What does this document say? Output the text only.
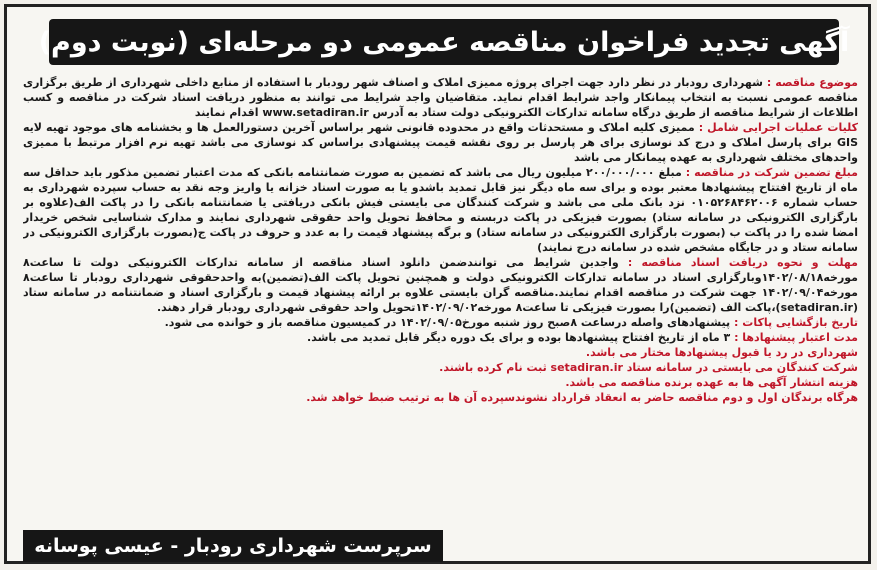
آگهی تجدید فراخوان مناقصه عمومی دو مرحله‌ای (نوبت دوم)

موضوع مناقصه : شهرداری رودبار در نظر دارد جهت اجرای پروژه ممیزی املاک و اصناف شهر رودبار با استفاده از منابع داخلی شهرداری از طریق برگزاری مناقصه عمومی نسبت به انتخاب پیمانکار واجد شرایط اقدام نماید. متقاضیان واجد شرایط می توانند به منظور دریافت اسناد شرکت در مناقصه و کسب اطلاعات از شرایط مناقصه از طریق درگاه سامانه تدارکات الکترونیکی دولت ستاد به آدرس www.setadiran.ir اقدام نمایند

کلیات عملیات اجرایی شامل : ممیزی کلیه املاک و مستحدثات واقع در محدوده قانونی شهر براساس آخرین دستورالعمل ها و بخشنامه های موجود تهیه لایه GIS برای پارسل املاک و درج کد نوسازی برای هر پارسل بر روی نقشه قیمت پیشنهادی براساس کد نوسازی می باشد تهیه نرم افزار مرتبط با ممیزی واحدهای مختلف شهرداری به عهده پیمانکار می باشد

مبلغ تضمین شرکت در مناقصه : مبلغ ۲۰۰/۰۰۰/۰۰۰ میلیون ریال می باشد که تضمین به صورت ضمانتنامه بانکی که مدت اعتبار تضمین مذکور باید حداقل سه ماه از تاریخ افتتاح پیشنهادها معتبر بوده و برای سه ماه دیگر نیز قابل تمدید باشدو یا به صورت اسناد خزانه یا واریز وجه نقد به حساب سپرده شهرداری به حساب شماره ۰۱۰۵۲۶۸۴۶۲۰۰۶ نزد بانک ملی می باشد و شرکت کنندگان می بایستی فیش بانکی دریافتی یا ضمانتنامه بانکی را در پاکت الف(علاوه بر بارگزاری الکترونیکی در سامانه ستاد) بصورت فیزیکی در پاکت دربسته و محافظ تحویل واحد حقوقی شهرداری نمایند و مدارک شناسایی شخص خریدار امضا شده را در پاکت ب (بصورت بارگزاری الکترونیکی در سامانه ستاد) و برگه پیشنهاد قیمت را به عدد و حروف در پاکت ج(بصورت بارگزاری الکترونیکی در سامانه ستاد و در جایگاه مشخص شده در سامانه درج نمایند)

مهلت و نحوه دریافت اسناد مناقصه : واجدین شرایط می توانندضمن دانلود اسناد مناقصه از سامانه تدارکات الکترونیکی دولت تا ساعت۸ مورخه۱۴۰۲/۰۸/۱۸وبارگزاری اسناد در سامانه تدارکات الکترونیکی دولت و همچنین تحویل پاکت الف(تضمین)به واحدحقوقی شهرداری رودبار تا ساعت۸ مورخه۱۴۰۲/۰۹/۰۴ جهت شرکت در مناقصه اقدام نمایند.مناقصه گران بایستی علاوه بر ارائه پیشنهاد قیمت و بارگزاری اسناد و ضمانتنامه در سامانه ستاد (setadiran.ir)،پاکت الف (تضمین)را بصورت فیزیکی تا ساعت۸ مورخه۱۴۰۲/۰۹/۰۲تحویل واحد حقوقی شهرداری رودبار قرار دهند.

تاریخ بازگشایی پاکات : پیشنهادهای واصله درساعت ۸صبح روز شنبه مورخ۱۴۰۲/۰۹/۰۵ در کمیسیون مناقصه باز و خوانده می شود.

مدت اعتبار پیشنهادها : ۳ ماه از تاریخ افتتاح پیشنهادها بوده و برای یک دوره دیگر قابل تمدید می باشد.

شهرداری در رد یا قبول پیشنهادها مختار می باشد.

شرکت کنندگان می بایستی در سامانه ستاد setadiran.ir ثبت نام کرده باشند.

هزینه انتشار آگهی ها به عهده برنده مناقصه می باشد.

هرگاه برندگان اول و دوم مناقصه حاضر به انعقاد قرارداد نشوندسپرده آن ها به ترتیب ضبط خواهد شد.

سرپرست شهرداری رودبار - عیسی پوسانه
